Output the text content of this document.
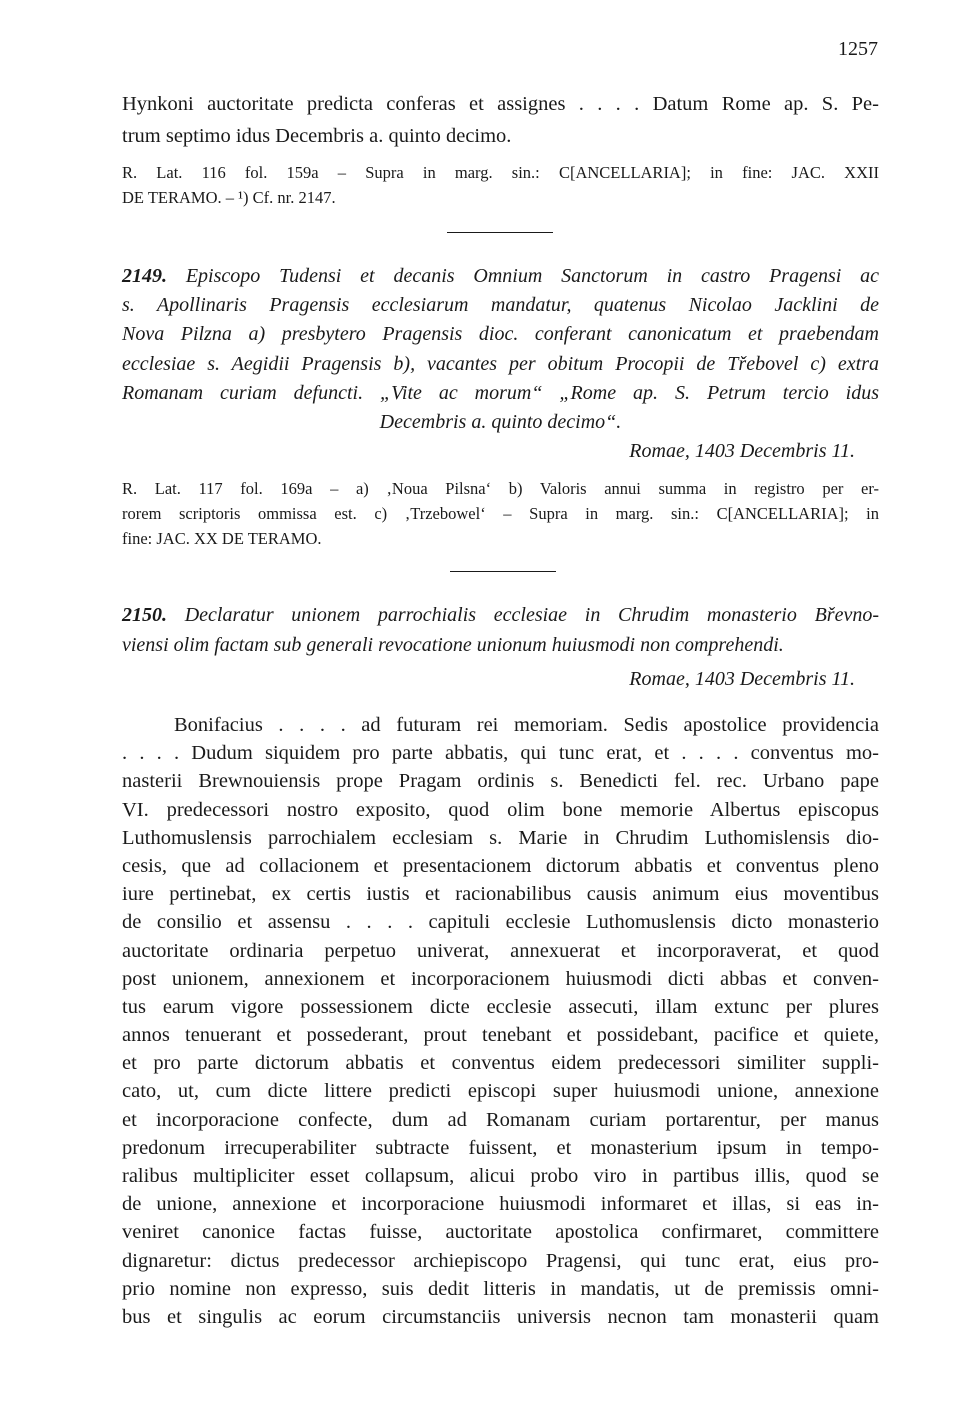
1257
Hynkoni auctoritate predicta conferas et assignes . . . . Datum Rome ap. S. Pe-
trum septimo idus Decembris a. quinto decimo.
R. Lat. 116 fol. 159a – Supra in marg. sin.: C[ANCELLARIA]; in fine: JAC. XXII
DE TERAMO. – ¹) Cf. nr. 2147.
2149. Episcopo Tudensi et decanis Omnium Sanctorum in castro Pragensi ac
s. Apollinaris Pragensis ecclesiarum mandatur, quatenus Nicolao Jacklini de
Nova Pilzna a) presbytero Pragensis dioc. conferant canonicatum et praebendam
ecclesiae s. Aegidii Pragensis b), vacantes per obitum Procopii de Třebovel c) extra
Romanam curiam defuncti. „Vite ac morum“ „Rome ap. S. Petrum tercio idus
Decembris a. quinto decimo“.
Romae, 1403 Decembris 11.
R. Lat. 117 fol. 169a – a) ‚Noua Pilsna‘ b) Valoris annui summa in registro per er-
rorem scriptoris ommissa est. c) ‚Trzebowel‘ – Supra in marg. sin.: C[ANCELLARIA]; in
fine: JAC. XX DE TERAMO.
2150. Declaratur unionem parrochialis ecclesiae in Chrudim monasterio Břevno-
viensi olim factam sub generali revocatione unionum huiusmodi non comprehendi.
Romae, 1403 Decembris 11.
Bonifacius . . . . ad futuram rei memoriam. Sedis apostolice providencia
. . . . Dudum siquidem pro parte abbatis, qui tunc erat, et . . . . conventus mo-
nasterii Brewnouiensis prope Pragam ordinis s. Benedicti fel. rec. Urbano pape
VI. predecessori nostro exposito, quod olim bone memorie Albertus episcopus
Luthomuslensis parrochialem ecclesiam s. Marie in Chrudim Luthomislensis dio-
cesis, que ad collacionem et presentacionem dictorum abbatis et conventus pleno
iure pertinebat, ex certis iustis et racionabilibus causis animum eius moventibus
de consilio et assensu . . . . capituli ecclesie Luthomuslensis dicto monasterio
auctoritate ordinaria perpetuo univerat, annexuerat et incorporaverat, et quod
post unionem, annexionem et incorporacionem huiusmodi dicti abbas et conven-
tus earum vigore possessionem dicte ecclesie assecuti, illam extunc per plures
annos tenuerant et possederant, prout tenebant et possidebant, pacifice et quiete,
et pro parte dictorum abbatis et conventus eidem predecessori similiter suppli-
cato, ut, cum dicte littere predicti episcopi super huiusmodi unione, annexione
et incorporacione confecte, dum ad Romanam curiam portarentur, per manus
predonum irrecuperabiliter subtracte fuissent, et monasterium ipsum in tempo-
ralibus multipliciter esset collapsum, alicui probo viro in partibus illis, quod se
de unione, annexione et incorporacione huiusmodi informaret et illas, si eas in-
veniret canonice factas fuisse, auctoritate apostolica confirmaret, committere
dignaretur: dictus predecessor archiepiscopo Pragensi, qui tunc erat, eius pro-
prio nomine non expresso, suis dedit litteris in mandatis, ut de premissis omni-
bus et singulis ac eorum circumstanciis universis necnon tam monasterii quam
